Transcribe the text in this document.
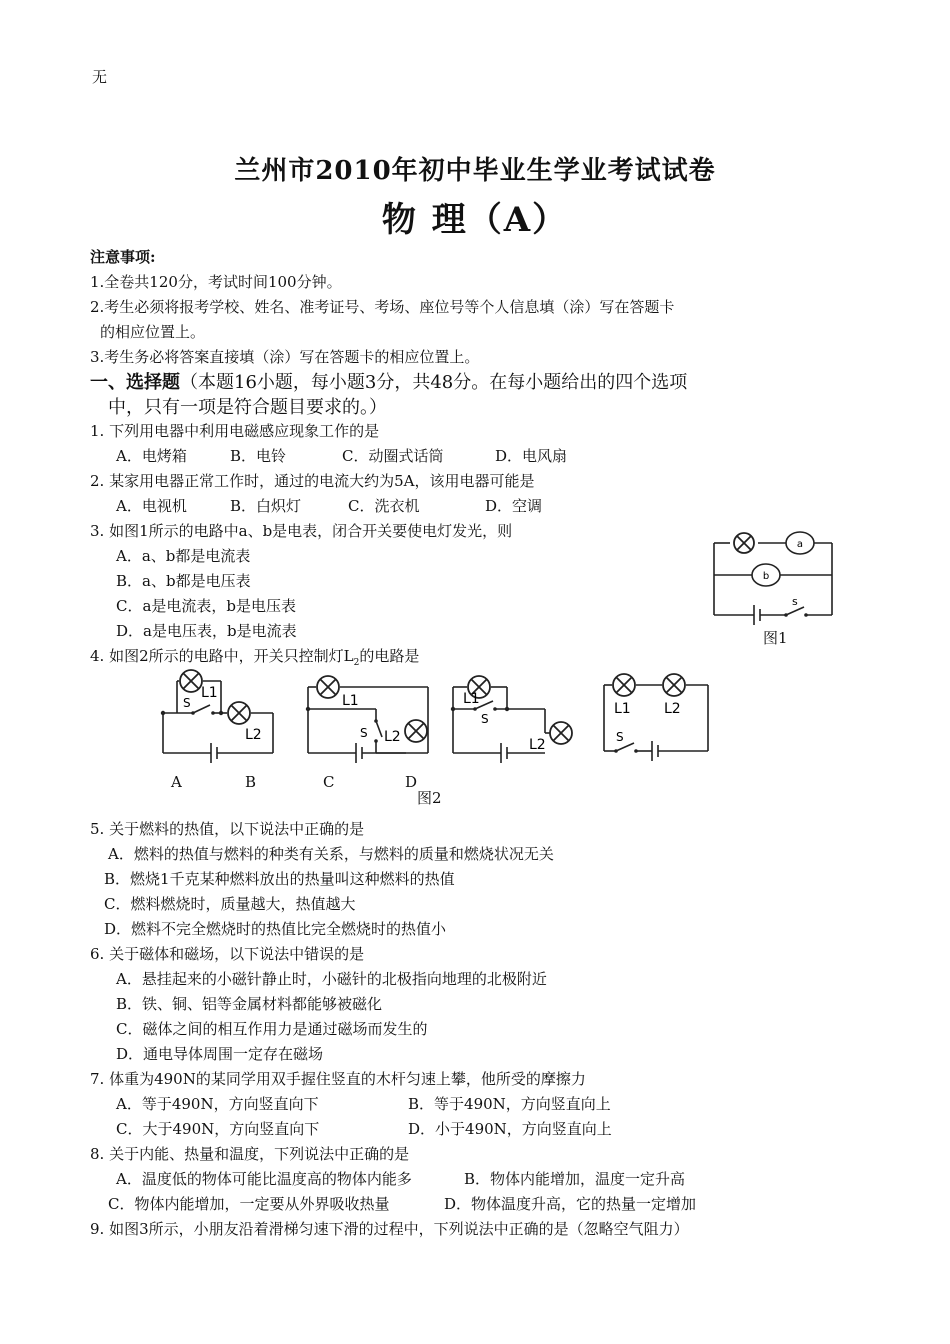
无
兰州市2010年初中毕业生学业考试试卷
物 理（A）
注意事项:
1.全卷共120分，考试时间100分钟。
2.考生必须将报考学校、姓名、准考证号、考场、座位号等个人信息填（涂）写在答题卡
的相应位置上。
3.考生务必将答案直接填（涂）写在答题卡的相应位置上。
一、选择题（本题16小题，每小题3分，共48分。在每小题给出的四个选项
中，只有一项是符合题目要求的。）
1. 下列用电器中利用电磁感应现象工作的是
A．电烤箱	B．电铃	C．动圈式话筒	D．电风扇
2. 某家用电器正常工作时，通过的电流大约为5A，该用电器可能是
A．电视机	B．白炽灯	C．洗衣机	D．空调
3. 如图1所示的电路中a、b是电表，闭合开关要使电灯发光，则
A．a、b都是电流表
B．a、b都是电压表
C．a是电流表，b是电压表
D．a是电压表，b是电流表
a
b
s
图1
4. 如图2所示的电路中，开关只控制灯$L_2$的电路是
L1
L2
S	L1
L2
S
L1
L2
S
L1 L2
S
A	B	C	D
图2
5. 关于燃料的热值，以下说法中正确的是
A．燃料的热值与燃料的种类有关系，与燃料的质量和燃烧状况无关
B．燃烧1千克某种燃料放出的热量叫这种燃料的热值
C．燃料燃烧时，质量越大，热值越大
D．燃料不完全燃烧时的热值比完全燃烧时的热值小
6. 关于磁体和磁场，以下说法中错误的是
A．悬挂起来的小磁针静止时，小磁针的北极指向地理的北极附近
B．铁、铜、铝等金属材料都能够被磁化
C．磁体之间的相互作用力是通过磁场而发生的
D．通电导体周围一定存在磁场
7. 体重为490N的某同学用双手握住竖直的木杆匀速上攀，他所受的摩擦力
A．等于490N，方向竖直向下	B．等于490N，方向竖直向上
C．大于490N，方向竖直向下	D．小于490N，方向竖直向上
8. 关于内能、热量和温度，下列说法中正确的是
A．温度低的物体可能比温度高的物体内能多	B．物体内能增加，温度一定升高
C．物体内能增加，一定要从外界吸收热量	D．物体温度升高，它的热量一定增加
9. 如图3所示，小朋友沿着滑梯匀速下滑的过程中，下列说法中正确的是（忽略空气阻力）
